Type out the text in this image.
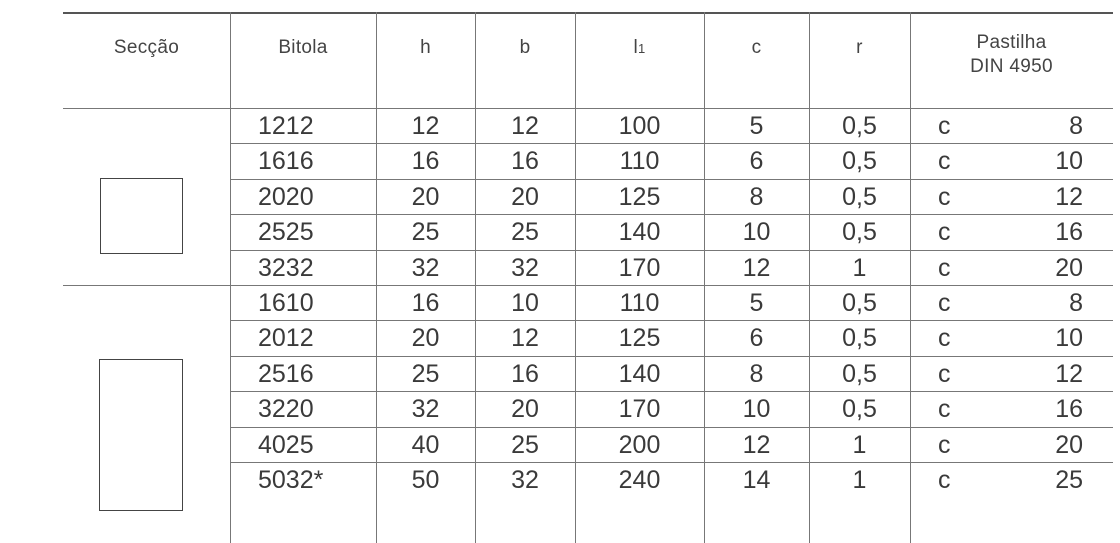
Secção	Bitola	h	b	l 1	c	r	Pastilha
DIN 4950
1212	12	12	100	5	0,5	c	8
1616	16	16	110	6	0,5	c	10
2020	20	20	125	8	0,5	c	12
2525	25	25	140	10	0,5	c	16
3232	32	32	170	12	1	c	20
1610	16	10	110	5	0,5	c	8
2012	20	12	125	6	0,5	c	10
2516	25	16	140	8	0,5	c	12
3220	32	20	170	10	0,5	c	16
4025	40	25	200	12	1	c	20
5032*	50	32	240	14	1	c	25
